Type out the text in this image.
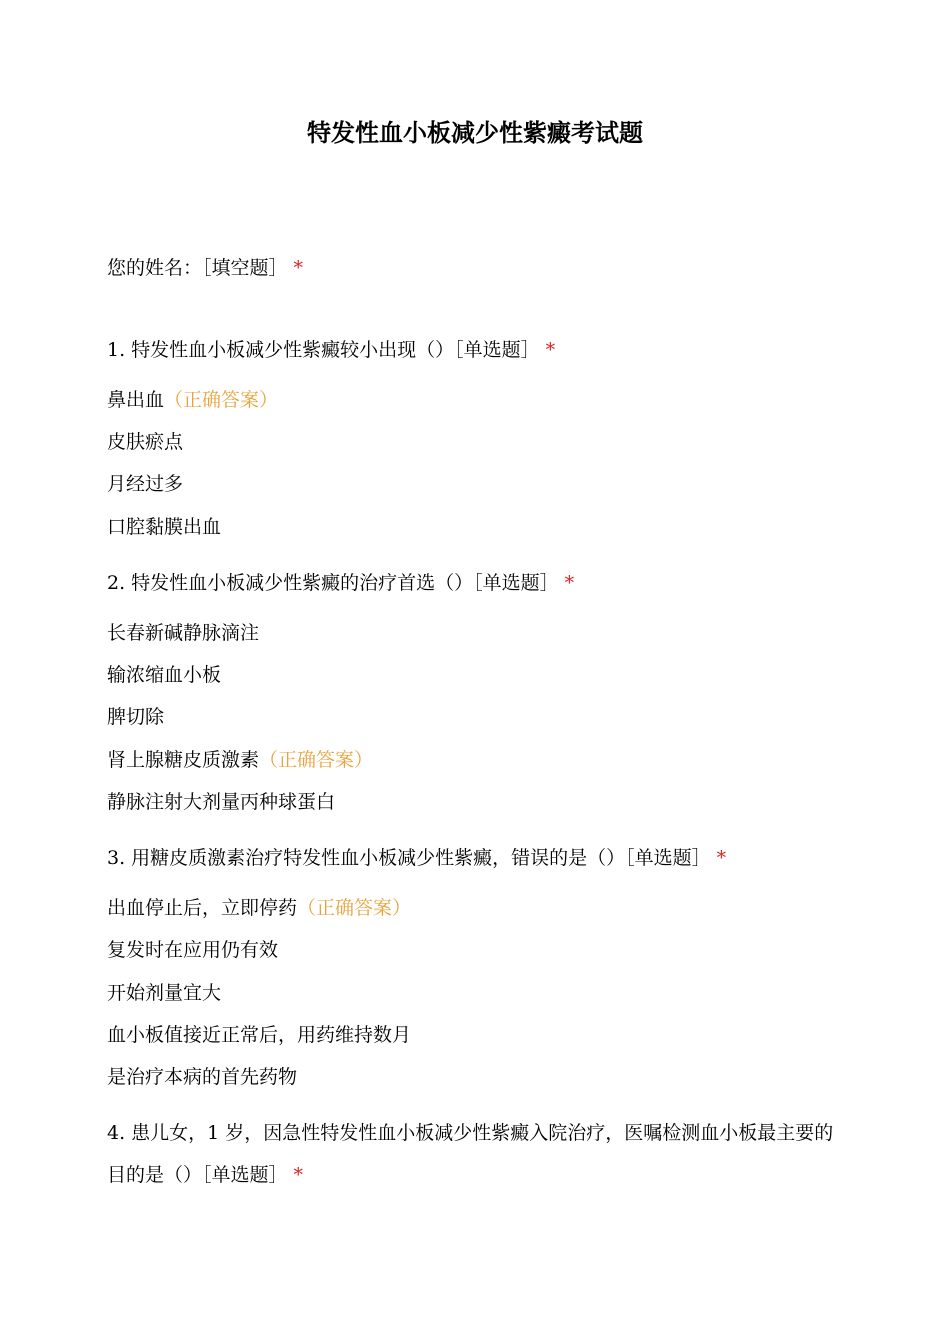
特发性血小板减少性紫癜考试题
您的姓名：［填空题］ *
1. 特发性血小板减少性紫癜较小出现（）［单选题］ *
鼻出血（正确答案）
皮肤瘀点
月经过多
口腔黏膜出血
2. 特发性血小板减少性紫癜的治疗首选（）［单选题］ *
长春新碱静脉滴注
输浓缩血小板
脾切除
肾上腺糖皮质激素（正确答案）
静脉注射大剂量丙种球蛋白
3. 用糖皮质激素治疗特发性血小板减少性紫癜，错误的是（）［单选题］ *
出血停止后，立即停药（正确答案）
复发时在应用仍有效
开始剂量宜大
血小板值接近正常后，用药维持数月
是治疗本病的首先药物
4. 患儿女，1 岁，因急性特发性血小板减少性紫癜入院治疗，医嘱检测血小板最主要的目的是（）［单选题］ *
